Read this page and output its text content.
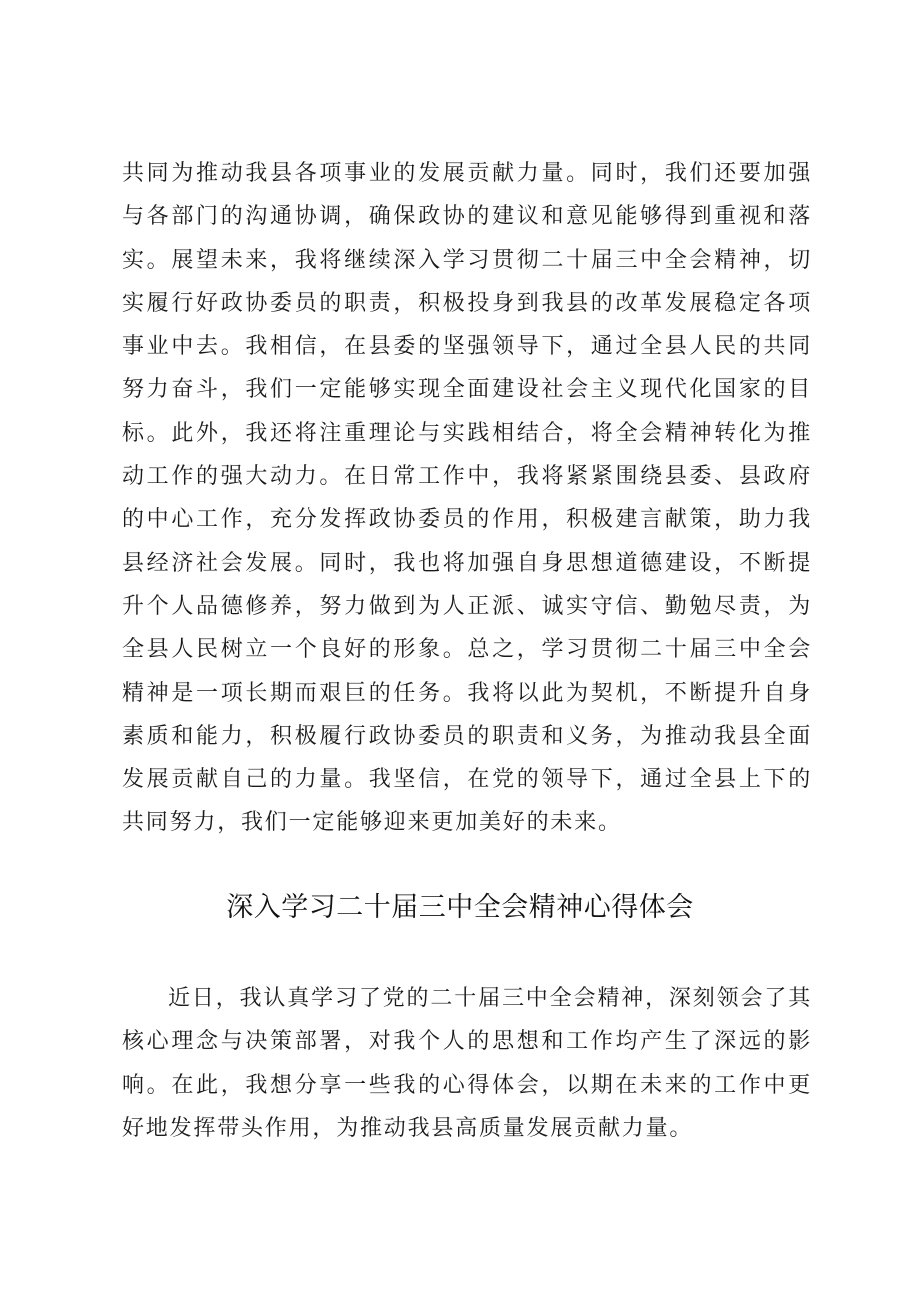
共同为推动我县各项事业的发展贡献力量。同时，我们还要加强与各部门的沟通协调，确保政协的建议和意见能够得到重视和落实。展望未来，我将继续深入学习贯彻二十届三中全会精神，切实履行好政协委员的职责，积极投身到我县的改革发展稳定各项事业中去。我相信，在县委的坚强领导下，通过全县人民的共同努力奋斗，我们一定能够实现全面建设社会主义现代化国家的目标。此外，我还将注重理论与实践相结合，将全会精神转化为推动工作的强大动力。在日常工作中，我将紧紧围绕县委、县政府的中心工作，充分发挥政协委员的作用，积极建言献策，助力我县经济社会发展。同时，我也将加强自身思想道德建设，不断提升个人品德修养，努力做到为人正派、诚实守信、勤勉尽责，为全县人民树立一个良好的形象。总之，学习贯彻二十届三中全会精神是一项长期而艰巨的任务。我将以此为契机，不断提升自身素质和能力，积极履行政协委员的职责和义务，为推动我县全面发展贡献自己的力量。我坚信，在党的领导下，通过全县上下的共同努力，我们一定能够迎来更加美好的未来。

深入学习二十届三中全会精神心得体会

近日，我认真学习了党的二十届三中全会精神，深刻领会了其核心理念与决策部署，对我个人的思想和工作均产生了深远的影响。在此，我想分享一些我的心得体会，以期在未来的工作中更好地发挥带头作用，为推动我县高质量发展贡献力量。
